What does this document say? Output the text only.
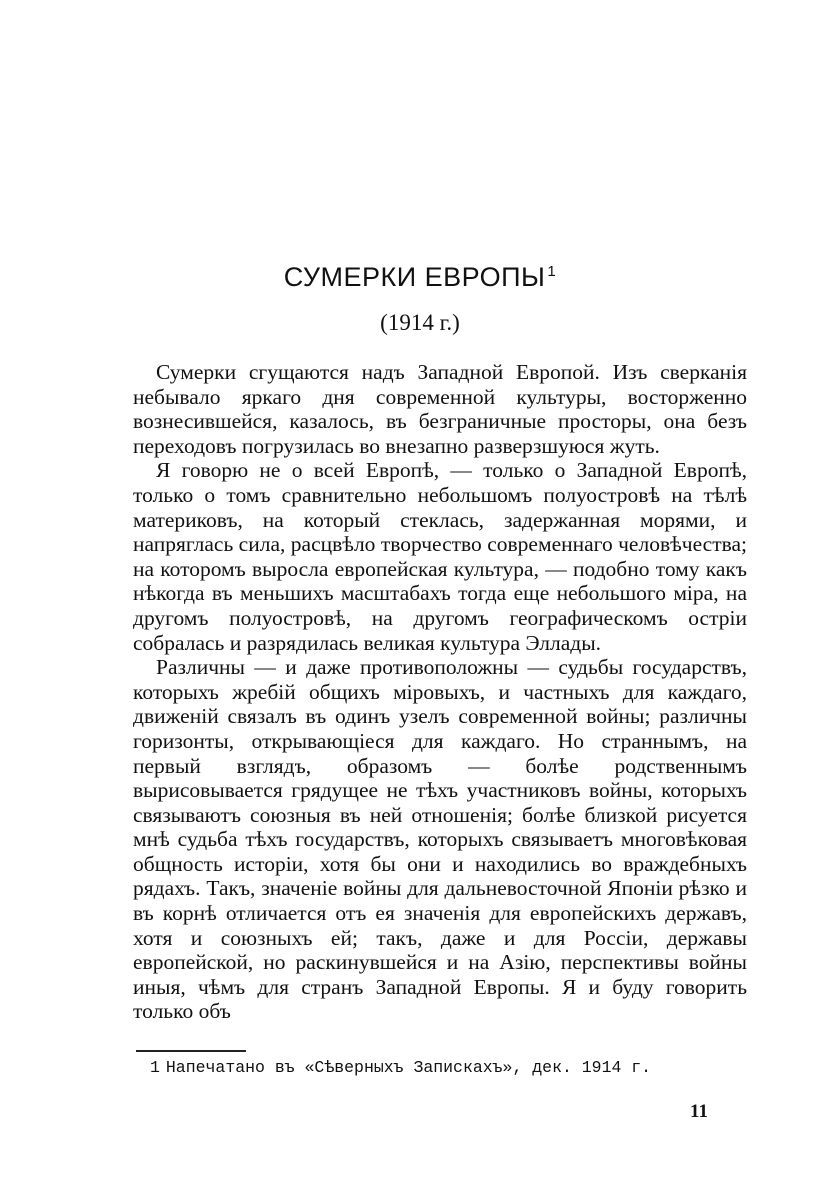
СУМЕРКИ ЕВРОПЫ $^1$

(1914 г.)

Сумерки сгущаются надъ Западной Европой. Изъ сверканія небывало яркаго дня современной культуры, восторженно вознесившейся, казалось, въ безграничные просторы, она безъ переходовъ погрузилась во внезапно разверзшуюся жуть.

Я говорю не о всей Европѣ, — только о Западной Европѣ, только о томъ сравнительно небольшомъ полуостровѣ на тѣлѣ материковъ, на который стеклась, задержанная морями, и напряглась сила, расцвѣло творчество современнаго человѣчества; на которомъ выросла европейская культура, — подобно тому какъ нѣкогда въ меньшихъ масштабахъ тогда еще небольшого міра, на другомъ полуостровѣ, на другомъ географическомъ остріи собралась и разрядилась великая культура Эллады.

Различны — и даже противоположны — судьбы государствъ, которыхъ жребій общихъ міровыхъ, и частныхъ для каждаго, движеній связалъ въ одинъ узелъ современной войны; различны горизонты, открывающіеся для каждаго. Но страннымъ, на первый взглядъ, образомъ — болѣе родственнымъ вырисовывается грядущее не тѣхъ участниковъ войны, которыхъ связываютъ союзныя въ ней отношенія; болѣе близкой рисуется мнѣ судьба тѣхъ государствъ, которыхъ связываетъ многовѣковая общность исторіи, хотя бы они и находились во враждебныхъ рядахъ. Такъ, значеніе войны для дальневосточной Японіи рѣзко и въ корнѣ отличается отъ ея значенія для европейскихъ державъ, хотя и союзныхъ ей; такъ, даже и для Россіи, державы европейской, но раскинувшейся и на Азію, перспективы войны иныя, чѣмъ для странъ Западной Европы. Я и буду говорить только объ

1 Напечатано въ «Сѣверныхъ Запискахъ», дек. 1914 г.

11
